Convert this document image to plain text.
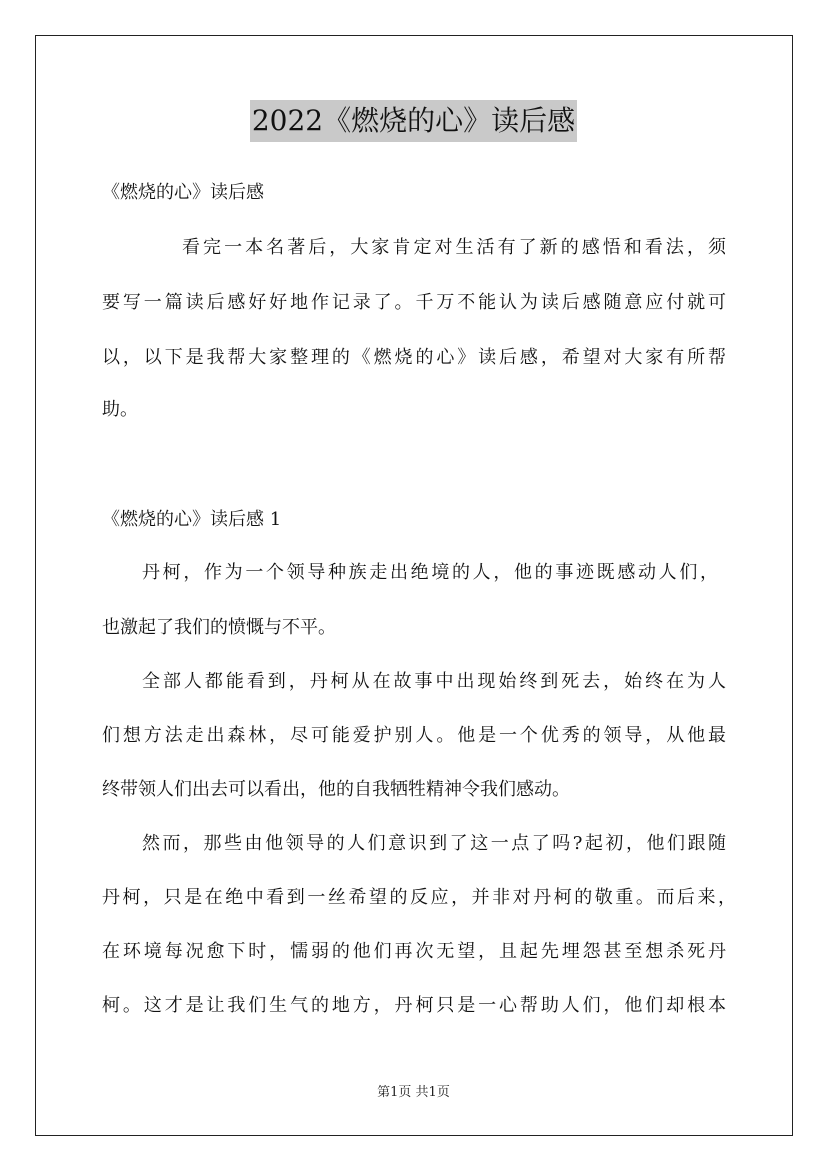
2022《燃烧的心》读后感
《燃烧的心》读后感
看完一本名著后，大家肯定对生活有了新的感悟和看法，须
要写一篇读后感好好地作记录了。千万不能认为读后感随意应付就可
以，以下是我帮大家整理的《燃烧的心》读后感，希望对大家有所帮
助。
《燃烧的心》读后感 1
丹柯，作为一个领导种族走出绝境的人，他的事迹既感动人们，
也激起了我们的愤慨与不平。
全部人都能看到，丹柯从在故事中出现始终到死去，始终在为人
们想方法走出森林，尽可能爱护别人。他是一个优秀的领导，从他最
终带领人们出去可以看出，他的自我牺牲精神令我们感动。
然而，那些由他领导的人们意识到了这一点了吗?起初，他们跟随
丹柯，只是在绝中看到一丝希望的反应，并非对丹柯的敬重。而后来，
在环境每况愈下时，懦弱的他们再次无望，且起先埋怨甚至想杀死丹
柯。这才是让我们生气的地方，丹柯只是一心帮助人们，他们却根本
第1页 共1页
